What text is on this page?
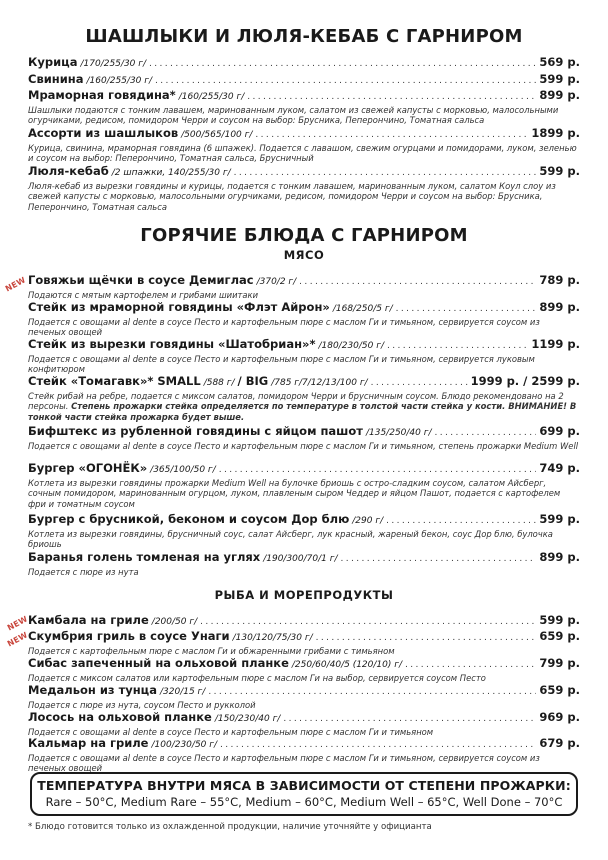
ШАШЛЫКИ И ЛЮЛЯ-КЕБАБ С ГАРНИРОМ
Курица /170/255/30 г/ .....	569 р.
Свинина /160/255/30 г/ .....	599 р.
Мраморная говядина* /160/255/30 г/ .....	899 р.
Шашлыки подаются с тонким лавашем, маринованным луком, салатом из свежей капусты с морковью, малосольными огурчиками, редисом, помидором Черри и соусом на выбор: Брусника, Пеперончино, Томатная сальса
Ассорти из шашлыков /500/565/100 г/ .....	1899 р.
Курица, свинина, мраморная говядина (6 шпажек). Подается с лавашом, свежим огурцами и помидорами, луком, зеленью и соусом на выбор: Пеперончино, Томатная сальса, Брусничный
Люля-кебаб /2 шпажки, 140/255/30 г/ .....	599 р.
Люля-кебаб из вырезки говядины и курицы, подается с тонким лавашем, маринованным луком, салатом Коул слоу из свежей капусты с морковью, малосольными огурчиками, редисом, помидором Черри и соусом на выбор: Брусника, Пеперончино, Томатная сальса
ГОРЯЧИЕ БЛЮДА С ГАРНИРОМ
МЯСО
NEW Говяжьи щёчки в соусе Демиглас /370/2 г/ .....	789 р.
Подаются с мятым картофелем и грибами шиитаки
Стейк из мраморной говядины «Флэт Айрон» /168/250/5 г/ .....	899 р.
Подается с овощами al dente в соусе Песто и картофельным пюре с маслом Ги и тимьяном, сервируется соусом из печеных овощей
Стейк из вырезки говядины «Шатобриан»* /180/230/50 г/ .....	1199 р.
Подается с овощами al dente в соусе Песто и картофельным пюре с маслом Ги и тимьяном, сервируется луковым конфитюром
Стейк «Томагавк»* SMALL /588 г/ / BIG /785 г/7/12/13/100 г/ .....	1999 р. / 2599 р.
Стейк рибай на ребре, подается с миксом салатов, помидором Черри и брусничным соусом. Блюдо рекомендовано на 2 персоны. Степень прожарки стейка определяется по температуре в толстой части стейка у кости. ВНИМАНИЕ! В тонкой части стейка прожарка будет выше.
Бифштекс из рубленной говядины с яйцом пашот /135/250/40 г/ .....	699 р.
Подается с овощами al dente в соусе Песто и картофельным пюре с маслом Ги и тимьяном, степень прожарки Medium Well
Бургер «ОГОНЁК» /365/100/50 г/ .....	749 р.
Котлета из вырезки говядины прожарки Medium Well на булочке бриошь с остро-сладким соусом, салатом Айсберг, сочным помидором, маринованным огурцом, луком, плавленым сыром Чеддер и яйцом Пашот, подается с картофелем фри и томатным соусом
Бургер с брусникой, беконом и соусом Дор блю /290 г/ .....	599 р.
Котлета из вырезки говядины, брусничный соус, салат Айсберг, лук красный, жареный бекон, соус Дор блю, булочка бриошь
Баранья голень томленая на углях /190/300/70/1 г/ .....	899 р.
Подается с пюре из нута
РЫБА И МОРЕПРОДУКТЫ
NEW
Камбала на гриле /200/50 г/ .....	599 р.
NEW
Скумбрия гриль в соусе Унаги /130/120/75/30 г/ .....	659 р.
Подается с картофельным пюре с маслом Ги и обжаренными грибами с тимьяном
Сибас запеченный на ольховой планке /250/60/40/5 (120/10) г/ .....	799 р.
Подается с миксом салатов или картофельным пюре с маслом Ги на выбор, сервируется соусом Песто
Медальон из тунца /320/15 г/ .....	659 р.
Подается с пюре из нута, соусом Песто и рукколой
Лосось на ольховой планке /150/230/40 г/ .....	969 р.
Подается с овощами al dente в соусе Песто и картофельным пюре с маслом Ги и тимьяном
Кальмар на гриле /100/230/50 г/ .....	679 р.
Подается с овощами al dente в соусе Песто и картофельным пюре с маслом Ги и тимьяном, сервируется соусом из печеных овощей
ТЕМПЕРАТУРА ВНУТРИ МЯСА В ЗАВИСИМОСТИ ОТ СТЕПЕНИ ПРОЖАРКИ:
Rare – 50°C, Medium Rare – 55°C, Medium – 60°C, Medium Well – 65°C, Well Done – 70°C
* Блюдо готовится только из охлажденной продукции, наличие уточняйте у официанта
